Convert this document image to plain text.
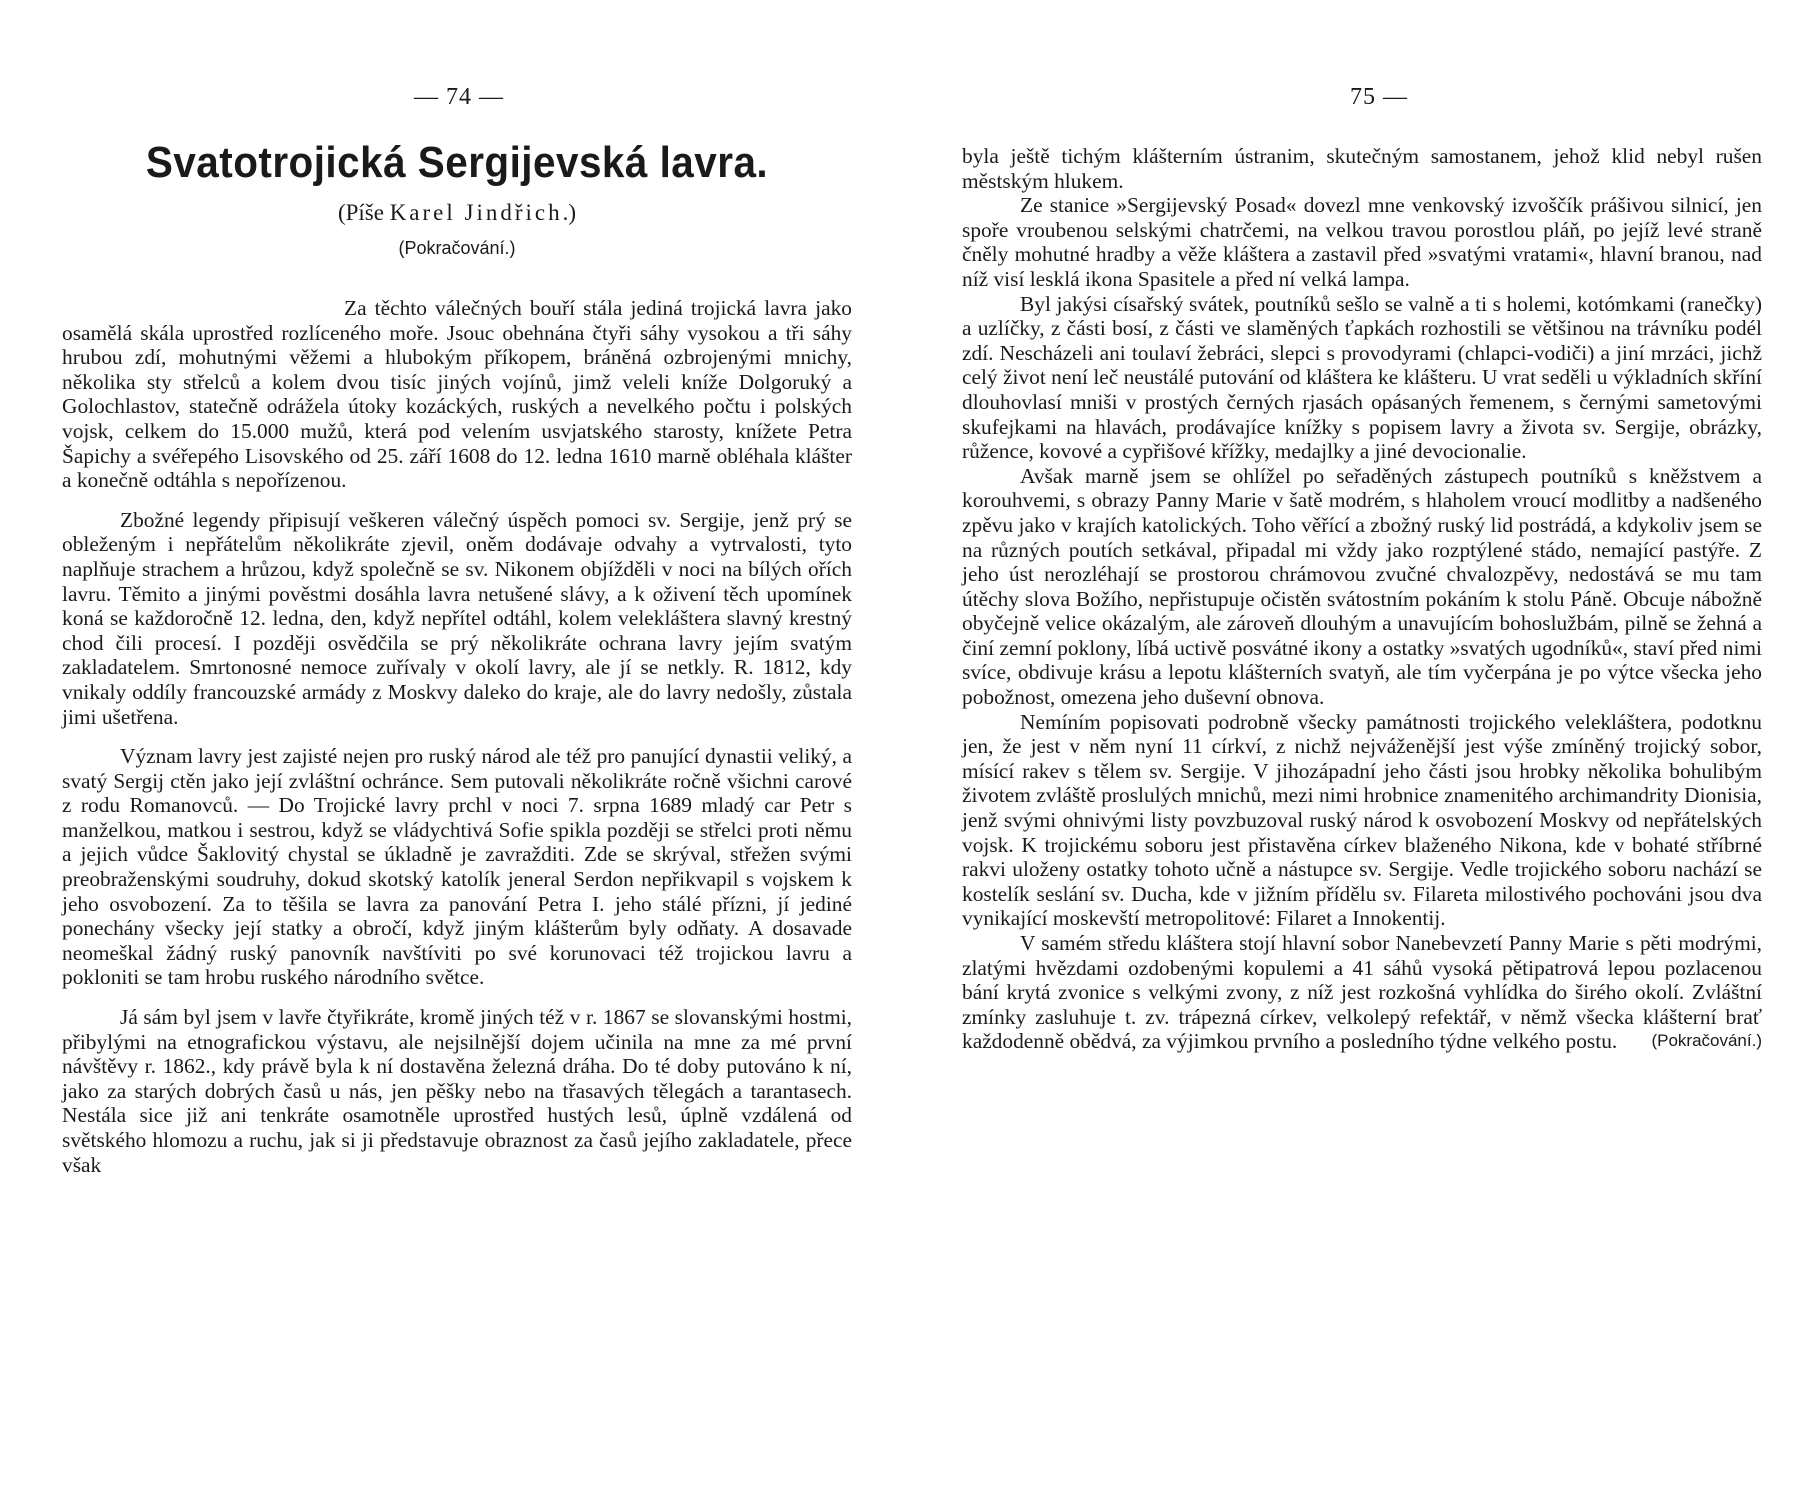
— 74 —
Svatotrojická Sergijevská lavra.
(Píše Karel Jindřich.)
(Pokračování.)

Za těchto válečných bouří stála jediná trojická lavra jako osamělá skála uprostřed rozlíceného moře. Jsouc obehnána čtyři sáhy vysokou a tři sáhy hrubou zdí, mohutnými věžemi a hlubokým příkopem, bráněná ozbrojenými mnichy, několika sty střelců a kolem dvou tisíc jiných vojínů, jimž veleli kníže Dolgoruký a Golochlastov, statečně odrážela útoky kozáckých, ruských a nevelkého počtu i polských vojsk, celkem do 15.000 mužů, která pod velením usvjatského starosty, knížete Petra Šapichy a svéřepého Lisovského od 25. září 1608 do 12. ledna 1610 marně obléhala klášter a konečně odtáhla s nepořízenou.

Zbožné legendy připisují veškeren válečný úspěch pomoci sv. Sergije, jenž prý se obleženým i nepřátelům několikráte zjevil, oněm dodávaje odvahy a vytrvalosti, tyto naplňuje strachem a hrůzou, když společně se sv. Nikonem objížděli v noci na bílých ořích lavru. Těmito a jinými pověstmi dosáhla lavra netušené slávy, a k oživení těch upomínek koná se každoročně 12. ledna, den, když nepřítel odtáhl, kolem velekláštera slavný krestný chod čili procesí. I později osvědčila se prý několikráte ochrana lavry jejím svatým zakladatelem. Smrtonosné nemoce zuřívaly v okolí lavry, ale jí se netkly. R. 1812, kdy vnikaly oddíly francouzské armády z Moskvy daleko do kraje, ale do lavry nedošly, zůstala jimi ušetřena.

Význam lavry jest zajisté nejen pro ruský národ ale též pro panující dynastii veliký, a svatý Sergij ctěn jako její zvláštní ochránce. Sem putovali několikráte ročně všichni carové z rodu Romanovců. — Do Trojické lavry prchl v noci 7. srpna 1689 mladý car Petr s manželkou, matkou i sestrou, když se vládychtivá Sofie spikla později se střelci proti němu a jejich vůdce Šaklovitý chystal se úkladně je zavražditi. Zde se skrýval, střežen svými preobraženskými soudruhy, dokud skotský katolík jeneral Serdon nepřikvapil s vojskem k jeho osvobození. Za to těšila se lavra za panování Petra I. jeho stálé přízni, jí jediné ponechány všecky její statky a obročí, když jiným klášterům byly odňaty. A dosavade neomeškal žádný ruský panovník navštíviti po své korunovaci též trojickou lavru a pokloniti se tam hrobu ruského národního světce.

Já sám byl jsem v lavře čtyřikráte, kromě jiných též v r. 1867 se slovanskými hostmi, přibylými na etnografickou výstavu, ale nejsilnější dojem učinila na mne za mé první návštěvy r. 1862., kdy právě byla k ní dostavěna železná dráha. Do té doby putováno k ní, jako za starých dobrých časů u nás, jen pěšky nebo na třasavých tělegách a tarantasech. Nestála sice již ani tenkráte osamotněle uprostřed hustých lesů, úplně vzdálená od světského hlomozu a ruchu, jak si ji představuje obraznost za časů jejího zakladatele, přece však

75 —

byla ještě tichým klášterním ústranim, skutečným samostanem, jehož klid nebyl rušen městským hlukem.

Ze stanice »Sergijevský Posad« dovezl mne venkovský izvoščík prášivou silnicí, jen spoře vroubenou selskými chatrčemi, na velkou travou porostlou pláň, po jejíž levé straně čněly mohutné hradby a věže kláštera a zastavil před »svatými vratami«, hlavní branou, nad níž visí lesklá ikona Spasitele a před ní velká lampa.

Byl jakýsi císařský svátek, poutníků sešlo se valně a ti s holemi, kotómkami (ranečky) a uzlíčky, z části bosí, z části ve slaměných ťapkách rozhostili se většinou na trávníku podél zdí. Nescházeli ani toulaví žebráci, slepci s provodyrami (chlapci-vodiči) a jiní mrzáci, jichž celý život není leč neustálé putování od kláštera ke klášteru. U vrat seděli u výkladních skříní dlouhovlasí mniši v prostých černých rjasách opásaných řemenem, s černými sametovými skufejkami na hlavách, prodávajíce knížky s popisem lavry a života sv. Sergije, obrázky, růžence, kovové a cypřišové křížky, medajlky a jiné devocionalie.

Avšak marně jsem se ohlížel po seřaděných zástupech poutníků s kněžstvem a korouhvemi, s obrazy Panny Marie v šatě modrém, s hlaholem vroucí modlitby a nadšeného zpěvu jako v krajích katolických. Toho věřící a zbožný ruský lid postrádá, a kdykoliv jsem se na různých poutích setkával, připadal mi vždy jako rozptýlené stádo, nemající pastýře. Z jeho úst nerozléhají se prostorou chrámovou zvučné chvalozpěvy, nedostává se mu tam útěchy slova Božího, nepřistupuje očistěn svátostním pokáním k stolu Páně. Obcuje nábožně obyčejně velice okázalým, ale zároveň dlouhým a unavujícím bohoslužbám, pilně se žehná a činí zemní poklony, líbá uctivě posvátné ikony a ostatky »svatých ugodníků«, staví před nimi svíce, obdivuje krásu a lepotu klášterních svatyň, ale tím vyčerpána je po výtce všecka jeho pobožnost, omezena jeho duševní obnova.

Nemíním popisovati podrobně všecky památnosti trojického velekláštera, podotknu jen, že jest v něm nyní 11 církví, z nichž nejváženější jest výše zmíněný trojický sobor, mísící rakev s tělem sv. Sergije. V jihozápadní jeho části jsou hrobky několika bohulibým životem zvláště proslulých mnichů, mezi nimi hrobnice znamenitého archimandrity Dionisia, jenž svými ohnivými listy povzbuzoval ruský národ k osvobození Moskvy od nepřátelských vojsk. K trojickému soboru jest přistavěna církev blaženého Nikona, kde v bohaté stříbrné rakvi uloženy ostatky tohoto učně a nástupce sv. Sergije. Vedle trojického soboru nachází se kostelík seslání sv. Ducha, kde v jižním přídělu sv. Filareta milostivého pochováni jsou dva vynikající moskevští metropolitové: Filaret a Innokentij.

V samém středu kláštera stojí hlavní sobor Nanebevzetí Panny Marie s pěti modrými, zlatými hvězdami ozdobenými kopulemi a 41 sáhů vysoká pětipatrová lepou pozlacenou bání krytá zvonice s velkými zvony, z níž jest rozkošná vyhlídka do širého okolí. Zvláštní zmínky zasluhuje t. zv. trápezná církev, velkolepý refektář, v němž všecka klášterní brať každodenně obědvá, za výjimkou prvního a posledního týdne velkého postu. (Pokračování.)
